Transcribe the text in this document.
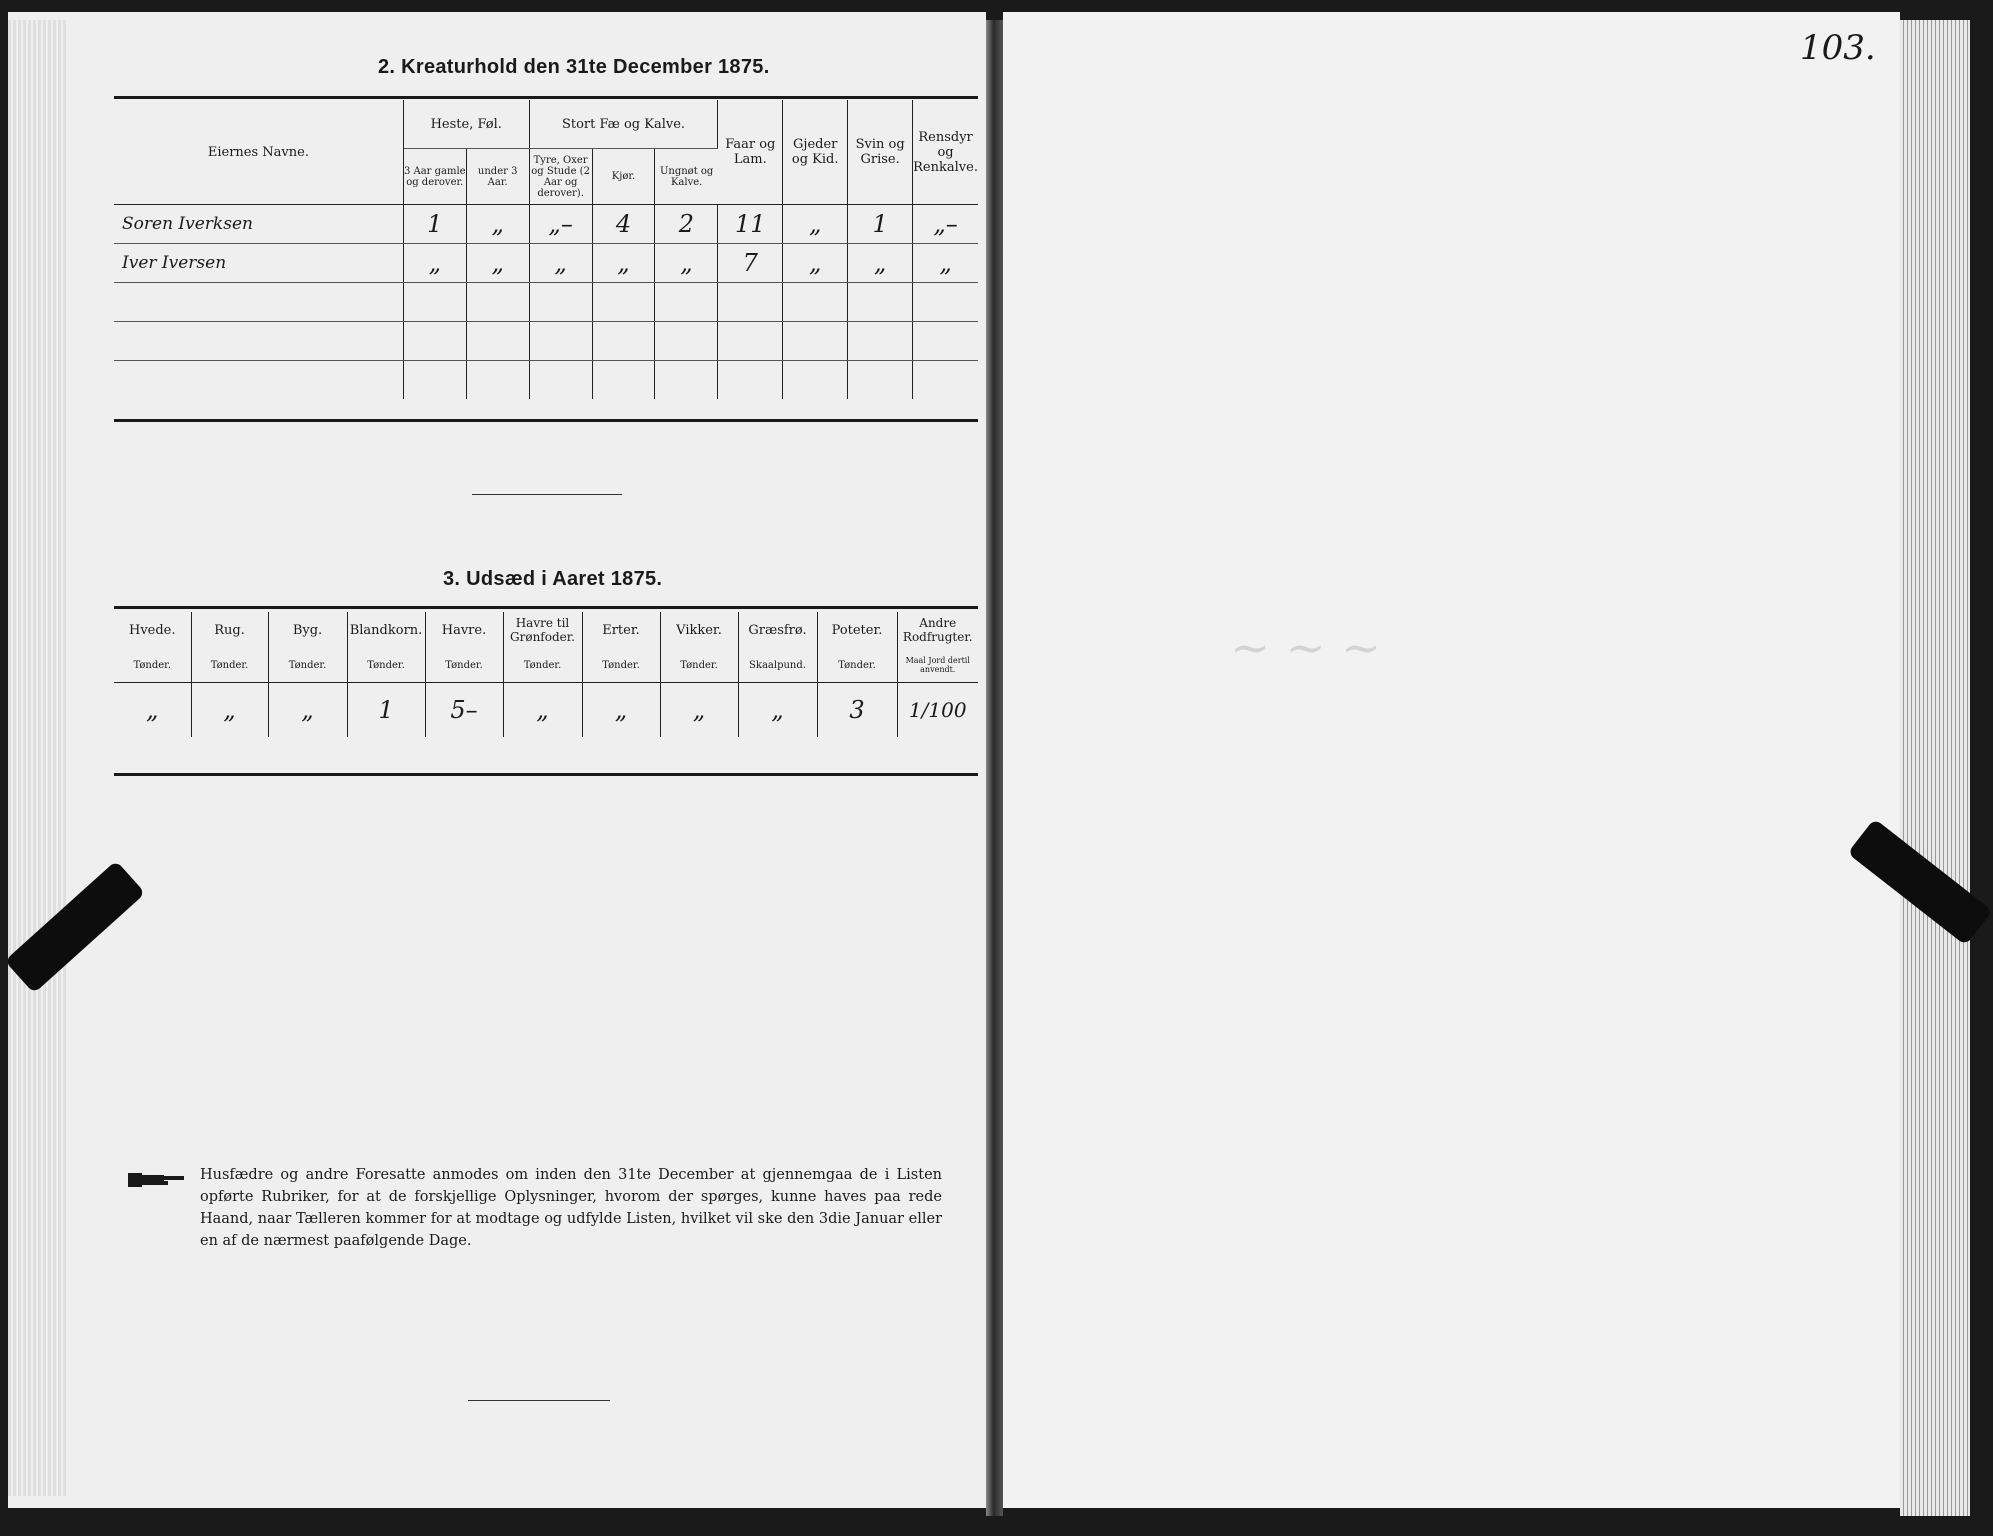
~ ~ ~
103.
2. Kreaturhold den 31te December 1875.
Eiernes Navne.	Heste, Føl.		Stort Fæ og Kalve.			Faar og Lam.	Gjeder og Kid.	Svin og Grise.	Rensdyr og Renkalve.
	3 Aar gamle og derover.	under 3 Aar.	Tyre, Oxer og Stude (2 Aar og derover).	Kjør.	Ungnøt og Kalve.				
Soren Iverksen	1	„	„–	4	2	11	„	1	„–
Iver Iversen	„	„	„	„	„	7	„	„	„

3. Udsæd i Aaret 1875.
Hvede.	Rug.	Byg.	Blandkorn.	Havre.	Havre til Grønfoder.	Erter.	Vikker.	Græsfrø.	Poteter.	Andre Rodfrugter.
Tønder.	Tønder.	Tønder.	Tønder.	Tønder.	Tønder.	Tønder.	Tønder.	Skaalpund.	Tønder.	Maal Jord dertil anvendt.
„	„	„	1	5–	„	„	„	„	3	1/100
Husfædre og andre Foresatte anmodes om inden den 31te December at gjennemgaa de i Listen opførte Rubriker, for at de forskjellige Oplysninger, hvorom der spørges, kunne haves paa rede Haand, naar Tælleren kommer for at modtage og udfylde Listen, hvilket vil ske den 3die Januar eller en af de nærmest paafølgende Dage.
